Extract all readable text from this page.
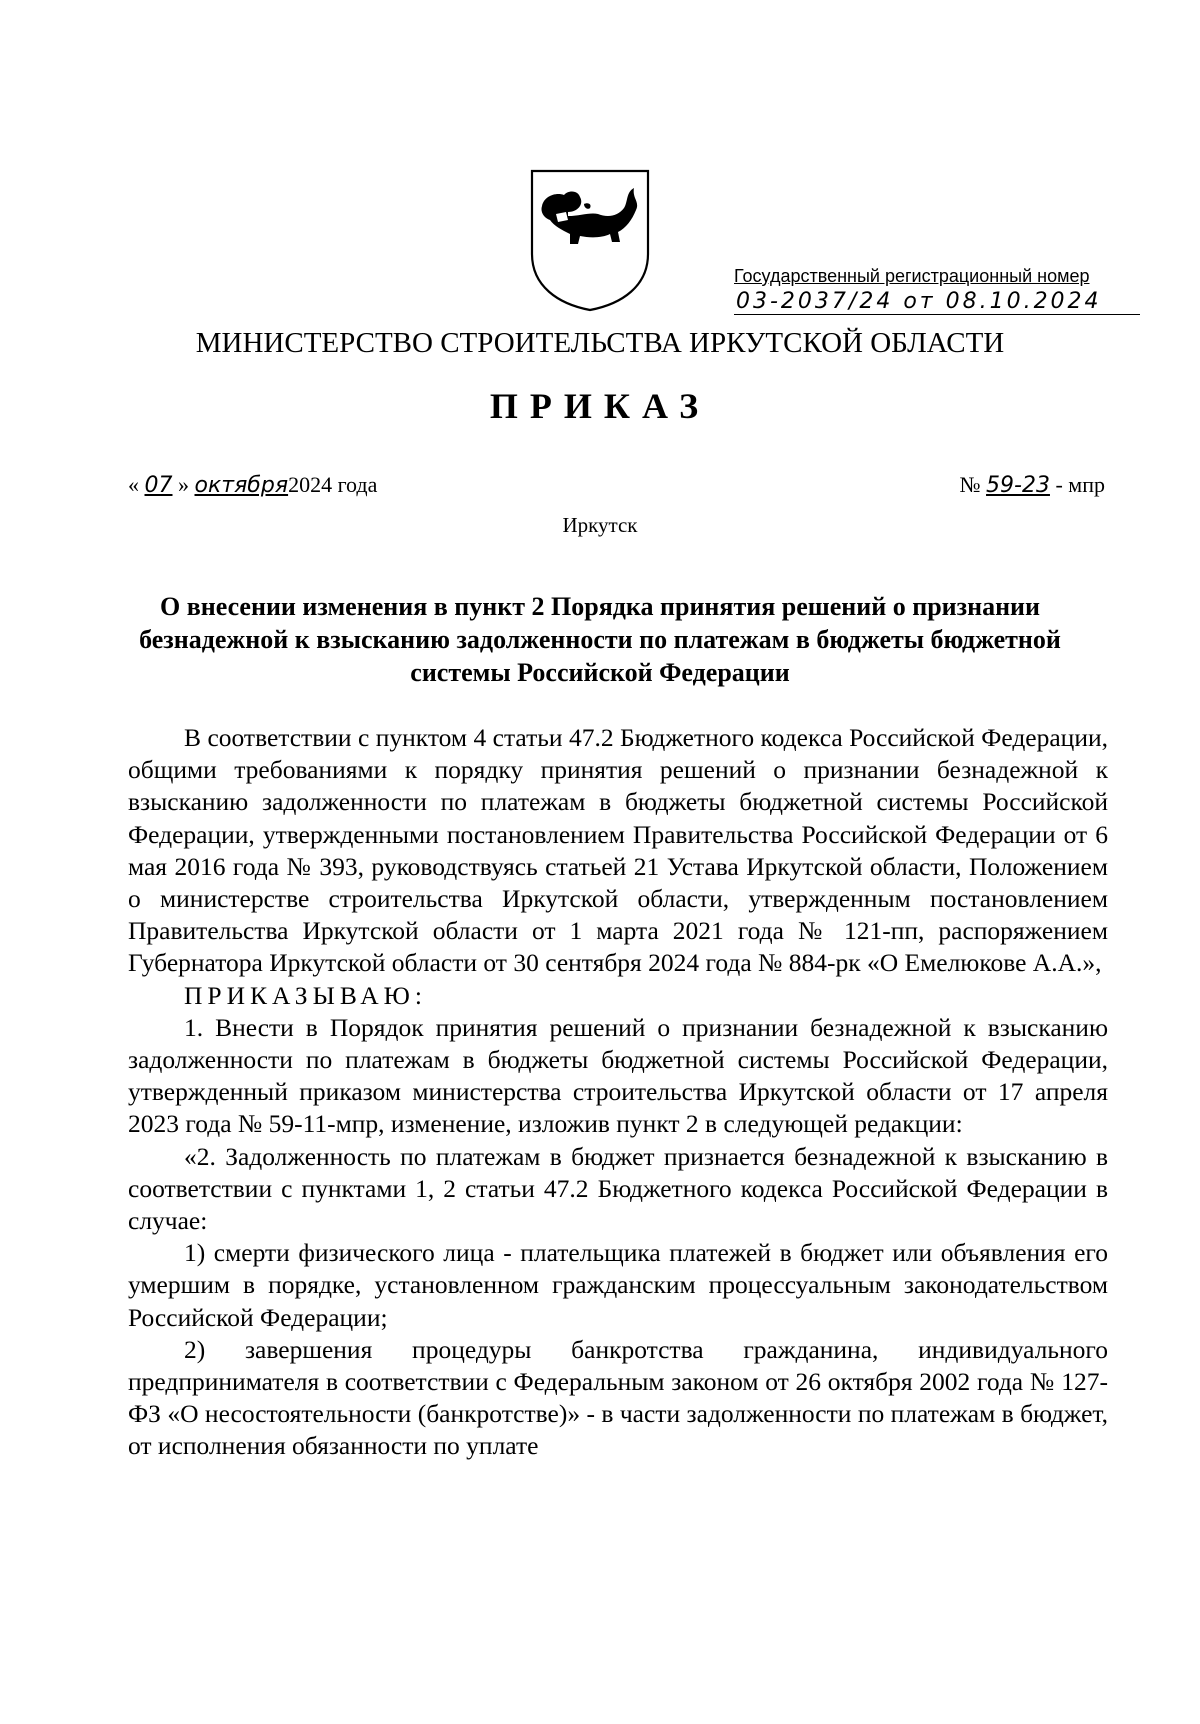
Государственный регистрационный номер
03-2037/24 от 08.10.2024
МИНИСТЕРСТВО СТРОИТЕЛЬСТВА ИРКУТСКОЙ ОБЛАСТИ
ПРИКАЗ
« 07 » октября2024 года	№ 59-23 - мпр
Иркутск
О внесении изменения в пункт 2 Порядка принятия решений о признании безнадежной к взысканию задолженности по платежам в бюджеты бюджетной системы Российской Федерации

В соответствии с пунктом 4 статьи 47.2 Бюджетного кодекса Российской Федерации, общими требованиями к порядку принятия решений о признании безнадежной к взысканию задолженности по платежам в бюджеты бюджетной системы Российской Федерации, утвержденными постановлением Правительства Российской Федерации от 6 мая 2016 года № 393, руководствуясь статьей 21 Устава Иркутской области, Положением о министерстве строительства Иркутской области, утвержденным постановлением Правительства Иркутской области от 1 марта 2021 года № 121-пп, распоряжением Губернатора Иркутской области от 30 сентября 2024 года № 884-рк «О Емелюкове А.А.»,

ПРИКАЗЫВАЮ:

1. Внести в Порядок принятия решений о признании безнадежной к взысканию задолженности по платежам в бюджеты бюджетной системы Российской Федерации, утвержденный приказом министерства строительства Иркутской области от 17 апреля 2023 года № 59-11-мпр, изменение, изложив пункт 2 в следующей редакции:

«2. Задолженность по платежам в бюджет признается безнадежной к взысканию в соответствии с пунктами 1, 2 статьи 47.2 Бюджетного кодекса Российской Федерации в случае:

1) смерти физического лица - плательщика платежей в бюджет или объявления его умершим в порядке, установленном гражданским процессуальным законодательством Российской Федерации;

2) завершения процедуры банкротства гражданина, индивидуального предпринимателя в соответствии с Федеральным законом от 26 октября 2002 года № 127-ФЗ «О несостоятельности (банкротстве)» - в части задолженности по платежам в бюджет, от исполнения обязанности по уплате
